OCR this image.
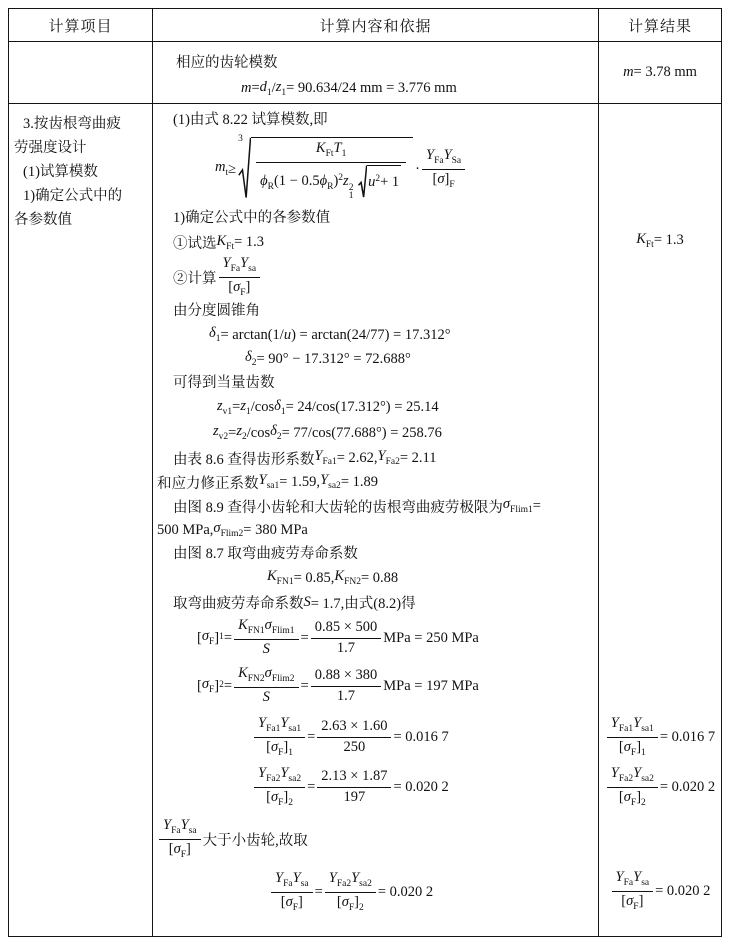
计算项目	计算内容和依据	计算结果
相应的齿轮模数
$m = d_1 / z_1 = 90.634/24$ mm = 3.776 mm
m = 3.78 mm
3.按齿根弯曲疲
劳强度设计
(1)试算模数
1)确定公式中的
各参数值
(1)由式 8.22 试算模数,即
$m_t$ ≥
3
$K_{Ft}T_1$
$\phi_R(1 - 0.5\phi_R)^2z$ 2
1

$u^2 + 1 \cdot \frac{Y_{Fa}Y_{Sa}}{[\sigma]_F}$
1)确定公式中的各参数值
①试选 $K_{Ft} = 1.3$
②计算 $\frac{Y_{Fa}Y_{sa}}{[\sigma_F]}$
由分度圆锥角
$\delta_1 = \arctan(1/$ u ) = arctan(24/77) = 17.312°
$\delta_2 = 90^\circ - 17.312^\circ = 72.688^\circ$
可得到当量齿数
$z_{v1} = z_1$ /cos $\delta_1 = 24/\cos(17.312^\circ) = 25.14$
$z_{v2} = z_2$ /cos $\delta_2 = 77/\cos(77.688^\circ) = 258.76$
由表 8.6 查得齿形系数 $Y_{Fa1} = 2.62$, $Y_{Fa2} = 2.11$
和应力修正系数 $Y_{sa1} = 1.59$, $Y_{sa2} = 1.89$
由图 8.9 查得小齿轮和大齿轮的齿根弯曲疲劳极限为 $\sigma_{Flim1}$ =
500 MPa, $\sigma_{Flim2} = 380$ MPa
由图 8.7 取弯曲疲劳寿命系数
$K_{FN1} = 0.85$, $K_{FN2} = 0.88$
取弯曲疲劳寿命系数 S = 1.7,由式(8.2)得
[ $\sigma_F$ ] $1 = \frac{K_{FN1}\sigma_{Flim1}}{S} = \frac{0.85 \times 500}{1.7}$ MPa = 250 MPa
[ $\sigma_F$ ] $2 = \frac{K_{FN2}\sigma_{Flim2}}{S} = \frac{0.88 \times 380}{1.7}$ MPa = 197 MPa
$\frac{Y_{Fa1}Y_{sa1}}{[\sigma_F]_1} = \frac{2.63 \times 1.60}{250} = 0.016$ 7
$\frac{Y_{Fa2}Y_{sa2}}{[\sigma_F]_2} = \frac{2.13 \times 1.87}{197} = 0.020$ 2
$\frac{Y_{Fa}Y_{sa}}{[\sigma_F]}$ 大于小齿轮,故取
$\frac{Y_{Fa}Y_{sa}}{[\sigma_F]} = \frac{Y_{Fa2}Y_{sa2}}{[\sigma_F]_2} = 0.020$ 2
$K_{Ft} = 1.3$
$\frac{Y_{Fa1}Y_{sa1}}{[\sigma_F]_1} = 0.016$ 7
$\frac{Y_{Fa2}Y_{sa2}}{[\sigma_F]_2} = 0.020$ 2
$\frac{Y_{Fa}Y_{sa}}{[\sigma_F]} = 0.020$ 2
